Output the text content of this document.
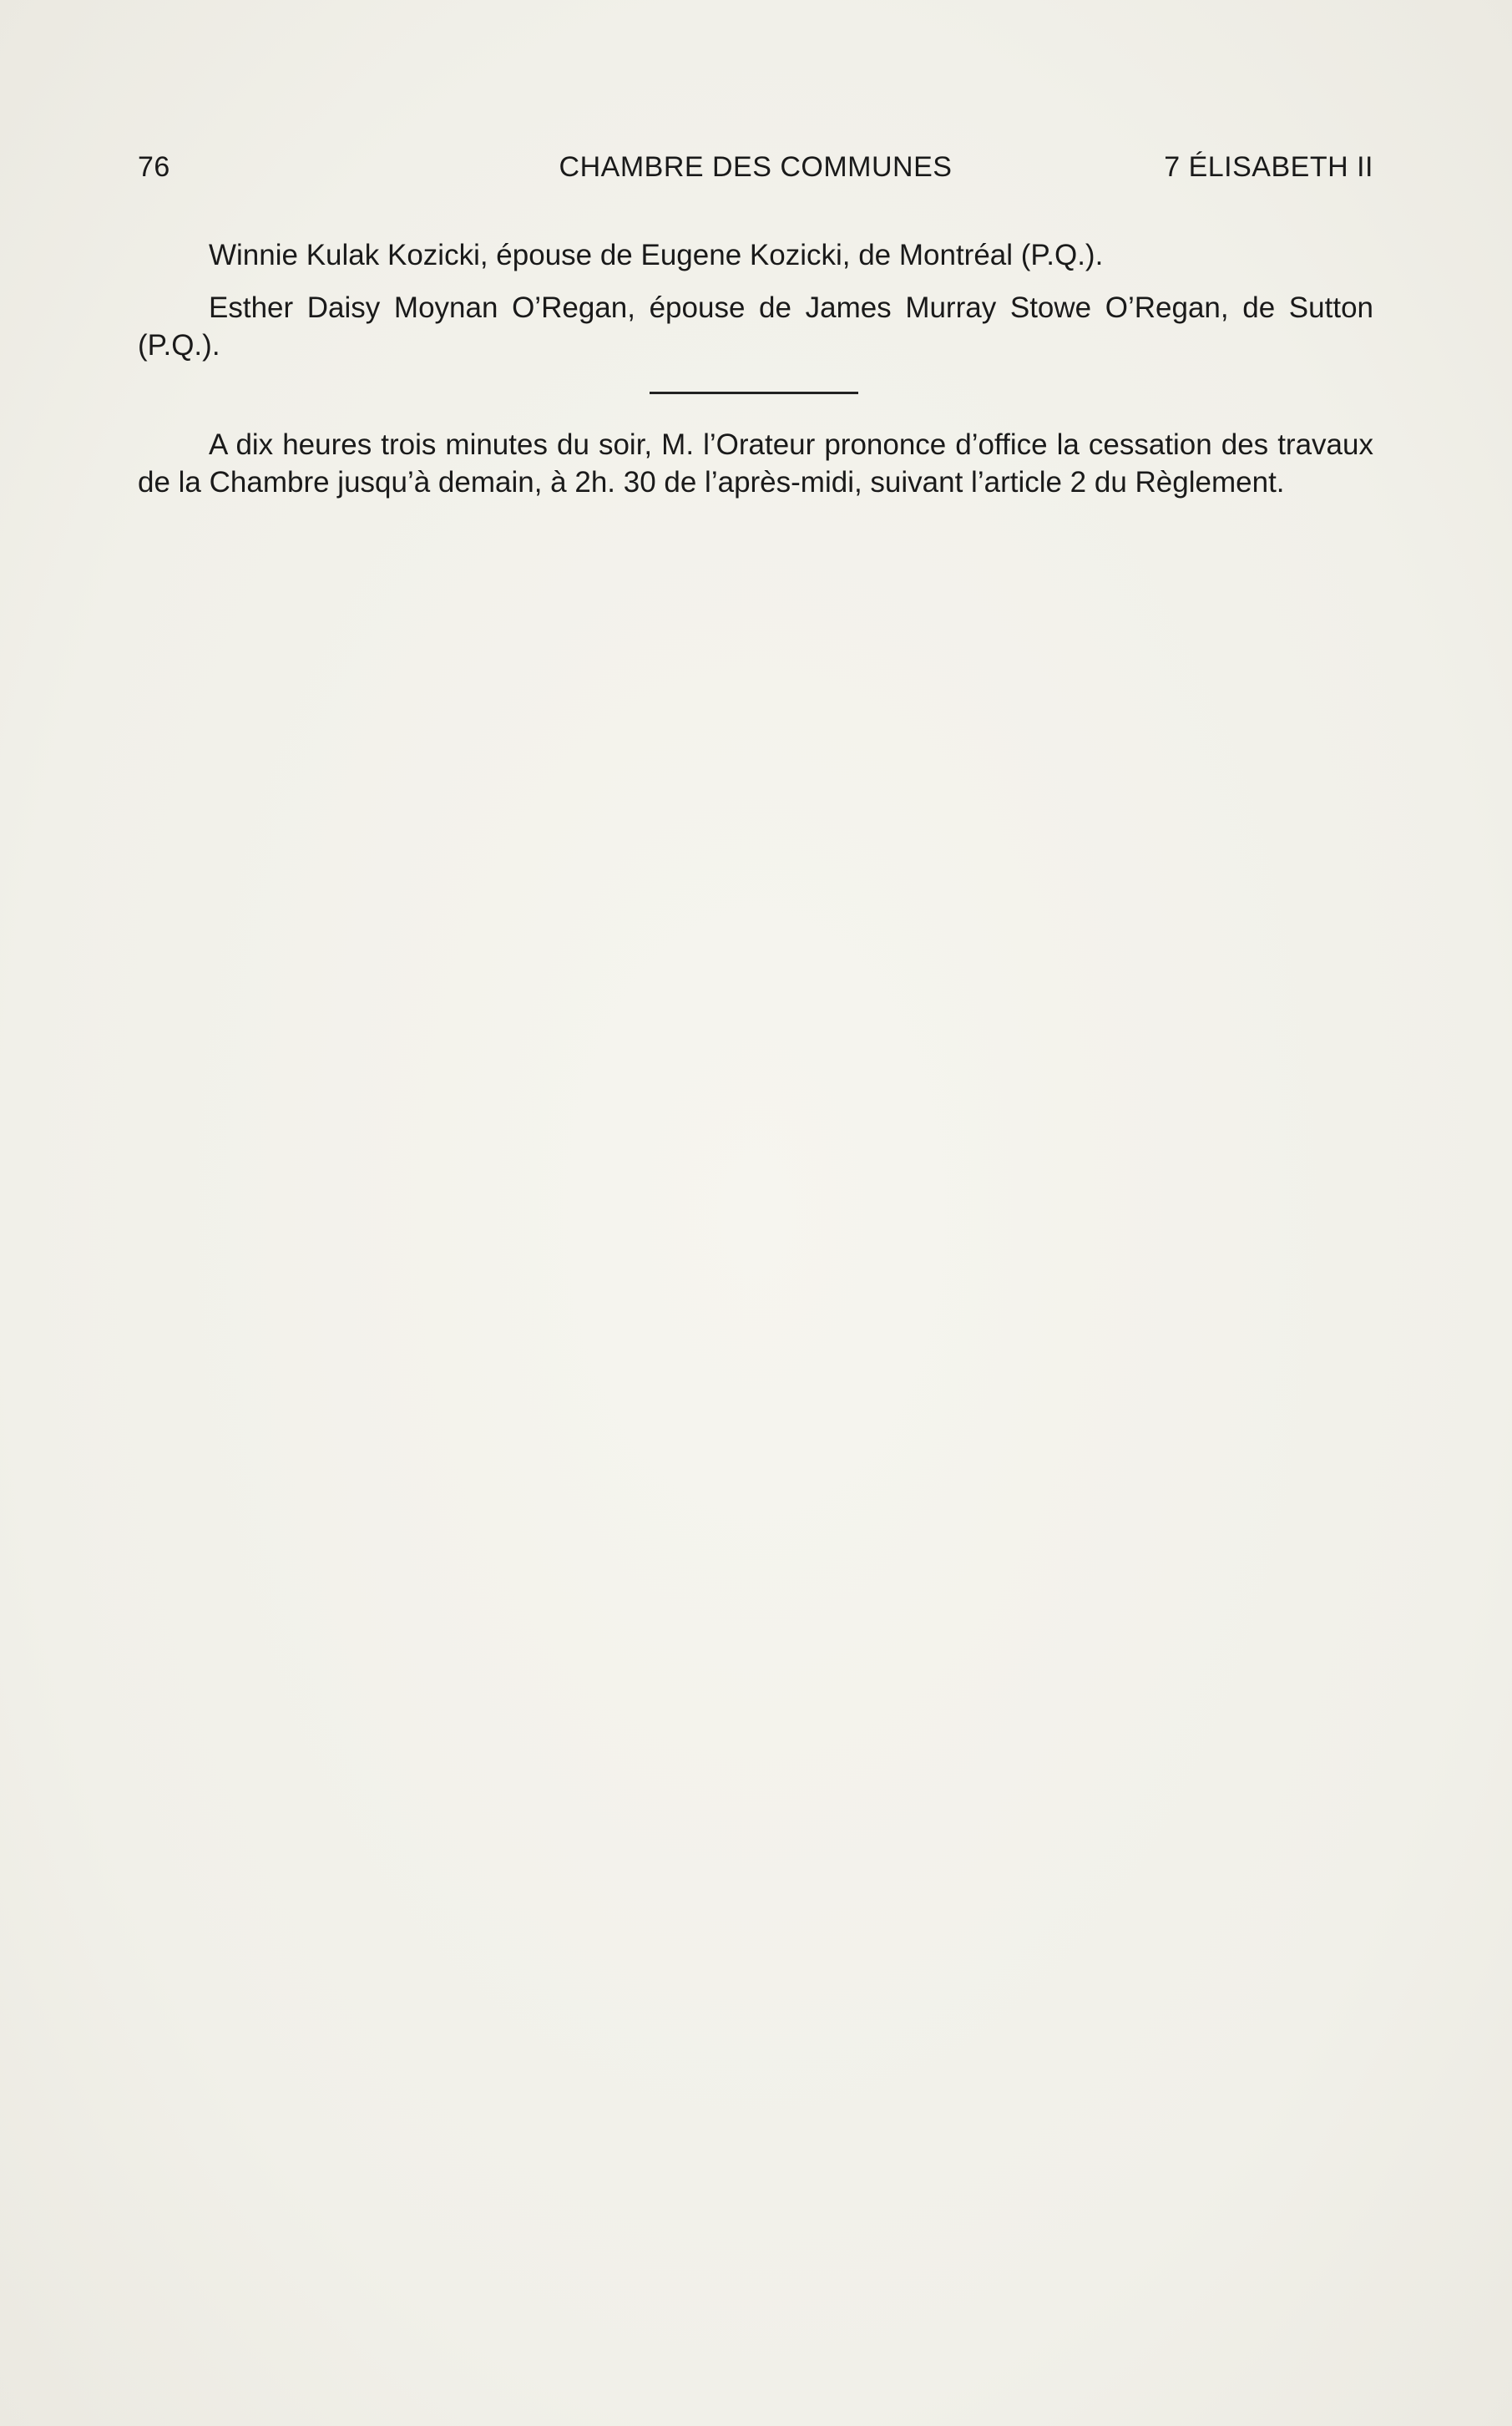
76	CHAMBRE DES COMMUNES	7 ÉLISABETH II

Winnie Kulak Kozicki, épouse de Eugene Kozicki, de Montréal (P.Q.).

Esther Daisy Moynan O’Regan, épouse de James Murray Stowe O’Regan, de Sutton (P.Q.).

A dix heures trois minutes du soir, M. l’Orateur prononce d’office la cessation des travaux de la Chambre jusqu’à demain, à 2h. 30 de l’après-midi, suivant l’article 2 du Règlement.
